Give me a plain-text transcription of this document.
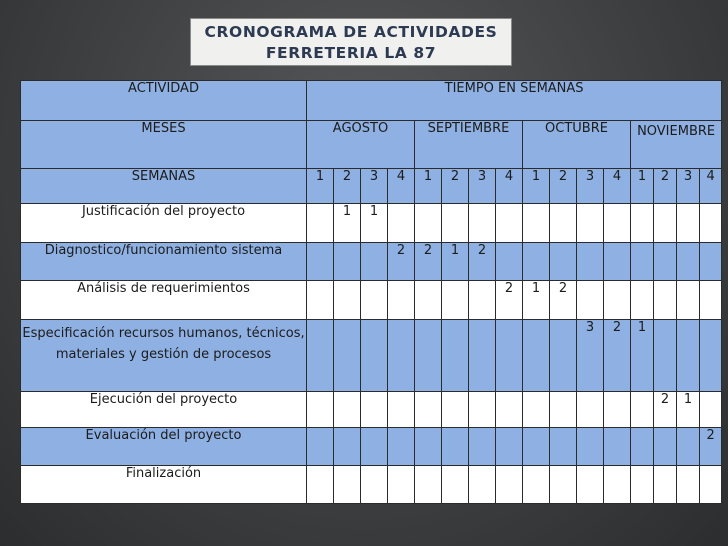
CRONOGRAMA DE ACTIVIDADES
FERRETERIA LA 87
ACTIVIDAD	TIEMPO EN SEMANAS															
MESES	AGOSTO				SEPTIEMBRE				OCTUBRE				NOVIEMBRE			
SEMANAS	1	2	3	4	1	2	3	4	1	2	3	4	1	2	3	4
Justificación del proyecto		1	1													
Diagnostico/funcionamiento sistema				2	2	1	2									
Análisis de requerimientos								2	1	2						
Especificación recursos humanos, técnicos, materiales y gestión de procesos											3	2	1			
Ejecución del proyecto														2	1	
Evaluación del proyecto																2
Finalización																
